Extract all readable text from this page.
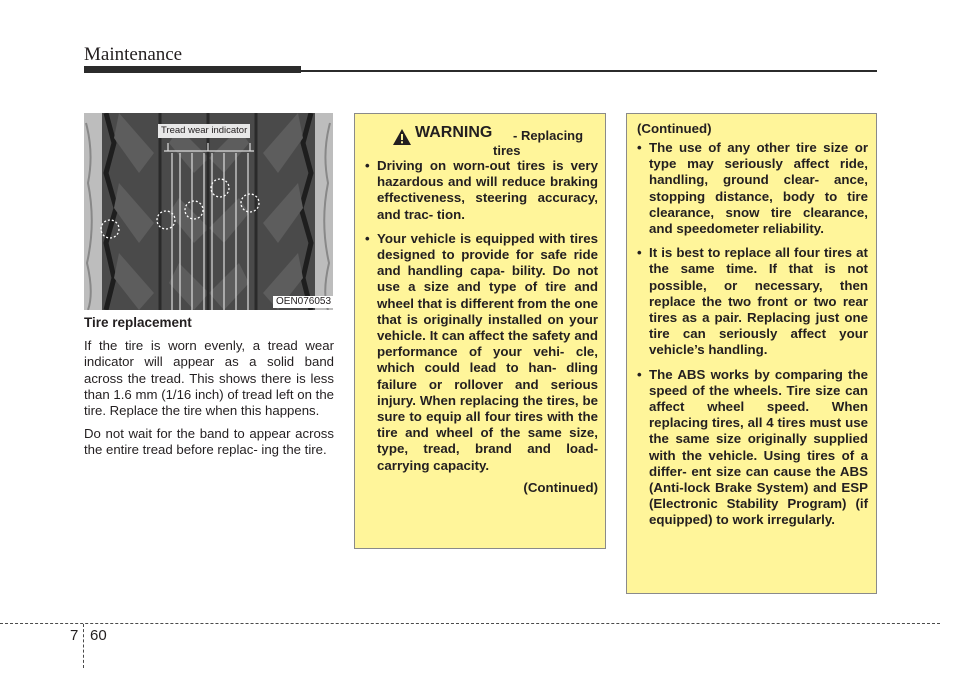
Maintenance
Tread wear indicator
OEN076053
Tire replacement

If the tire is worn evenly, a tread wear indicator will appear as a solid band across the tread. This shows there is less than 1.6 mm (1/16 inch) of tread left on the tire. Replace the tire when this happens.

Do not wait for the band to appear across the entire tread before replac- ing the tire.

WARNING - Replacing
tires
• Driving on worn-out tires is very hazardous and will reduce braking effectiveness, steering accuracy, and trac- tion.
• Your vehicle is equipped with tires designed to provide for safe ride and handling capa- bility. Do not use a size and type of tire and wheel that is different from the one that is originally installed on your vehicle. It can affect the safety and performance of your vehi- cle, which could lead to han- dling failure or rollover and serious injury. When replacing the tires, be sure to equip all four tires with the tire and wheel of the same size, type, tread, brand and load-carrying capacity.
(Continued)
(Continued)
• The use of any other tire size or type may seriously affect ride, handling, ground clear- ance, stopping distance, body to tire clearance, snow tire clearance, and speedometer reliability.
• It is best to replace all four tires at the same time. If that is not possible, or necessary, then replace the two front or two rear tires as a pair. Replacing just one tire can seriously affect your vehicle’s handling.
• The ABS works by comparing the speed of the wheels. Tire size can affect wheel speed. When replacing tires, all 4 tires must use the same size originally supplied with the vehicle. Using tires of a differ- ent size can cause the ABS (Anti-lock Brake System) and ESP (Electronic Stability Program) (if equipped) to work irregularly.
7 60
